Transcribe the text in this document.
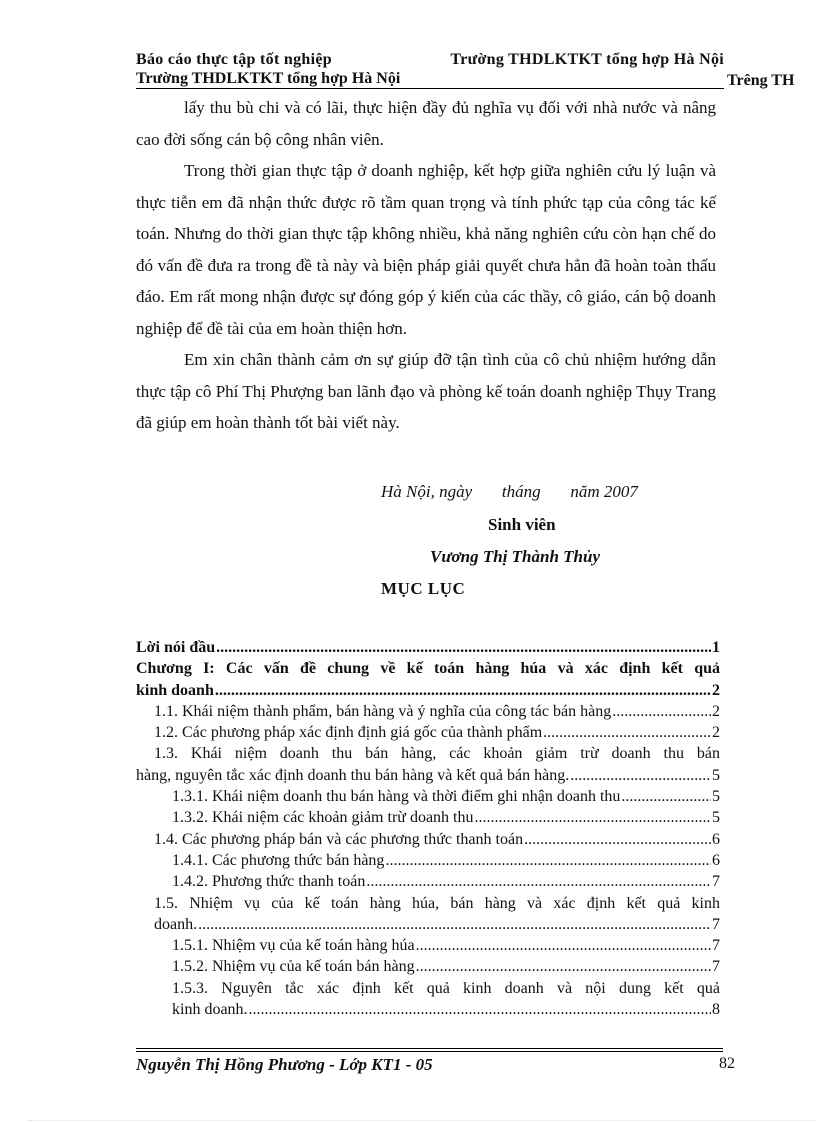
Báo cáo thực tập tốt nghiệp	Trường THDLKTKT tổng hợp Hà Nội
Trường THDLKTKT tổng hợp Hà Nội	Trêng TH

lấy thu bù chi và có lãi, thực hiện đầy đủ nghĩa vụ đối với nhà nước và nâng cao đời sống cán bộ công nhân viên.

Trong thời gian thực tập ở doanh nghiệp, kết hợp giữa nghiên cứu lý luận và thực tiễn em đã nhận thức được rõ tầm quan trọng và tính phức tạp của công tác kế toán. Nhưng do thời gian thực tập không nhiều, khả năng nghiên cứu còn hạn chế do đó vấn đề đưa ra trong đề tà này và biện pháp giải quyết chưa hẳn đã hoàn toàn thấu đáo. Em rất mong nhận được sự đóng góp ý kiến của các thầy, cô giáo, cán bộ doanh nghiệp để đề tài của em hoàn thiện hơn.

Em xin chân thành cảm ơn sự giúp đỡ tận tình của cô chủ nhiệm hướng dẫn thực tập cô Phí Thị Phượng ban lãnh đạo và phòng kế toán doanh nghiệp Thụy Trang đã giúp em hoàn thành tốt bài viết này.

Hà Nội, ngày       tháng       năm 2007
Sinh viên
Vương Thị Thành Thủy
MỤC LỤC
Lời nói đầu .....	1
Chương I: Các vấn đề chung về kế toán hàng húa và xác định kết quả
kinh doanh .....	2
1.1. Khái niệm thành phẩm, bán hàng và ý nghĩa của công tác bán hàng .....	2
1.2. Các phương pháp xác định định giá gốc của thành phẩm .....	2
1.3. Khái niệm doanh thu bán hàng, các khoản giảm trừ doanh thu bán
hàng, nguyên tắc xác định doanh thu bán hàng và kết quả bán hàng. .....	5
1.3.1. Khái niệm doanh thu bán hàng và thời điểm ghi nhận doanh thu .....	5
1.3.2. Khái niệm các khoản giảm trừ doanh thu .....	5
1.4. Các phương pháp bán và các phương thức thanh toán .....	6
1.4.1. Các phương thức bán hàng .....	6
1.4.2. Phương thức thanh toán .....	7
1.5. Nhiệm vụ của kế toán hàng húa, bán hàng và xác định kết quả kinh
doanh. .....	7
1.5.1. Nhiệm vụ của kế toán hàng húa .....	7
1.5.2. Nhiệm vụ của kế toán bán hàng .....	7
1.5.3. Nguyên tắc xác định kết quả kinh doanh và nội dung kết quả
kinh doanh. .....	8
Nguyễn Thị Hồng Phương - Lớp KT1 - 05	82
